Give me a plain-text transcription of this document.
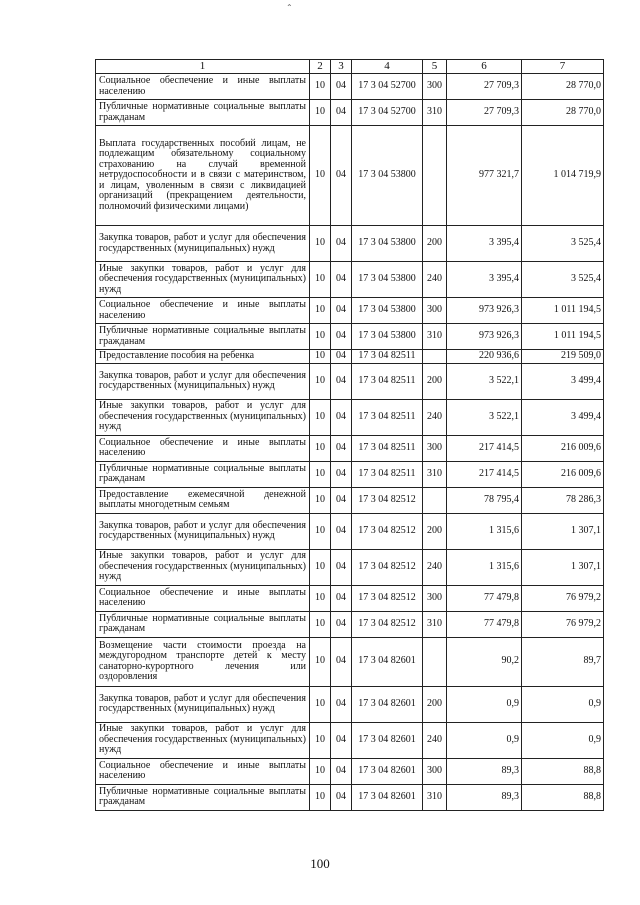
⌃
1	2	3	4	5	6	7
Социальное обеспечение и иные выплаты населению	10	04	17 3 04 52700	300	27 709,3	28 770,0
Публичные нормативные социальные выплаты гражданам	10	04	17 3 04 52700	310	27 709,3	28 770,0
Выплата государственных пособий лицам, не подлежащим обязательному социальному страхованию на случай временной нетрудоспособности и в связи с материнством, и лицам, уволенным в связи с ликвидацией организаций (прекращением деятельности, полномочий физическими лицами)	10	04	17 3 04 53800		977 321,7	1 014 719,9
Закупка товаров, работ и услуг для обеспечения государственных (муниципальных) нужд	10	04	17 3 04 53800	200	3 395,4	3 525,4
Иные закупки товаров, работ и услуг для обеспечения государственных (муниципальных) нужд	10	04	17 3 04 53800	240	3 395,4	3 525,4
Социальное обеспечение и иные выплаты населению	10	04	17 3 04 53800	300	973 926,3	1 011 194,5
Публичные нормативные социальные выплаты гражданам	10	04	17 3 04 53800	310	973 926,3	1 011 194,5
Предоставление пособия на ребенка	10	04	17 3 04 82511		220 936,6	219 509,0
Закупка товаров, работ и услуг для обеспечения государственных (муниципальных) нужд	10	04	17 3 04 82511	200	3 522,1	3 499,4
Иные закупки товаров, работ и услуг для обеспечения государственных (муниципальных) нужд	10	04	17 3 04 82511	240	3 522,1	3 499,4
Социальное обеспечение и иные выплаты населению	10	04	17 3 04 82511	300	217 414,5	216 009,6
Публичные нормативные социальные выплаты гражданам	10	04	17 3 04 82511	310	217 414,5	216 009,6
Предоставление ежемесячной денежной выплаты многодетным семьям	10	04	17 3 04 82512		78 795,4	78 286,3
Закупка товаров, работ и услуг для обеспечения государственных (муниципальных) нужд	10	04	17 3 04 82512	200	1 315,6	1 307,1
Иные закупки товаров, работ и услуг для обеспечения государственных (муниципальных) нужд	10	04	17 3 04 82512	240	1 315,6	1 307,1
Социальное обеспечение и иные выплаты населению	10	04	17 3 04 82512	300	77 479,8	76 979,2
Публичные нормативные социальные выплаты гражданам	10	04	17 3 04 82512	310	77 479,8	76 979,2
Возмещение части стоимости проезда на междугородном транспорте детей к месту санаторно-курортного лечения или оздоровления	10	04	17 3 04 82601		90,2	89,7
Закупка товаров, работ и услуг для обеспечения государственных (муниципальных) нужд	10	04	17 3 04 82601	200	0,9	0,9
Иные закупки товаров, работ и услуг для обеспечения государственных (муниципальных) нужд	10	04	17 3 04 82601	240	0,9	0,9
Социальное обеспечение и иные выплаты населению	10	04	17 3 04 82601	300	89,3	88,8
Публичные нормативные социальные выплаты гражданам	10	04	17 3 04 82601	310	89,3	88,8
100
